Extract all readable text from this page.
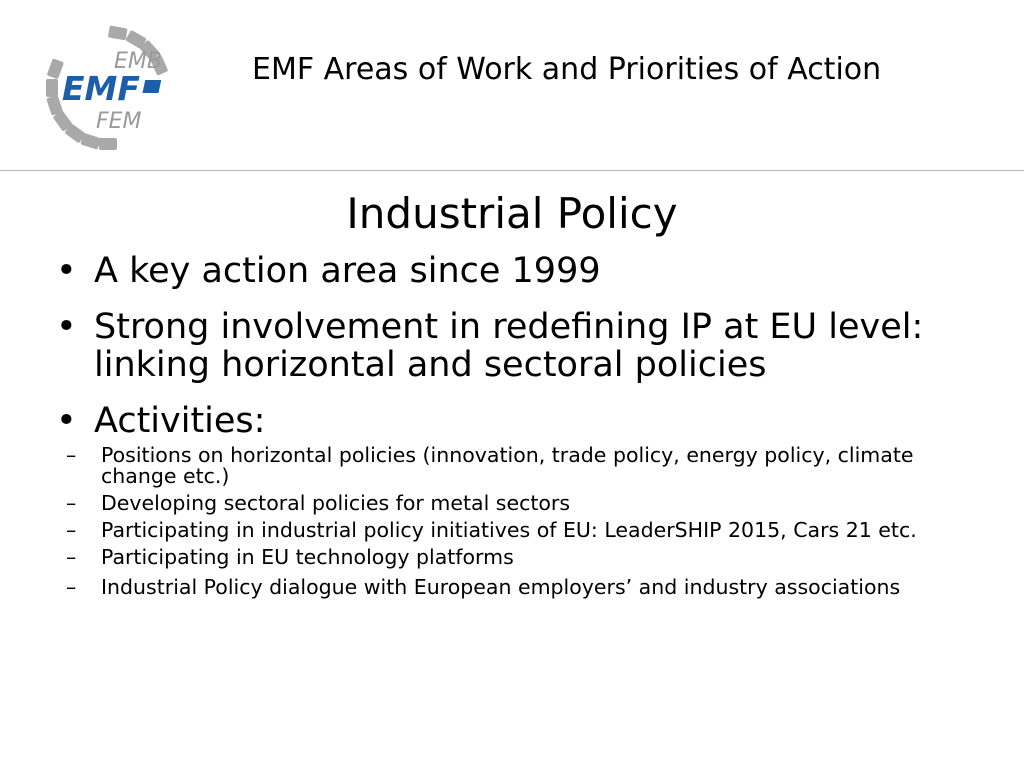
EMB
EMF
FEM
EMF Areas of Work and Priorities of Action
Industrial Policy
• A key action area since 1999
• Strong involvement in redefining IP at EU level: linking horizontal and sectoral policies
• Activities:
– Positions on horizontal policies (innovation, trade policy, energy policy, climate change etc.)
– Developing sectoral policies for metal sectors
– Participating in industrial policy initiatives of EU: LeaderSHIP 2015, Cars 21 etc.
– Participating in EU technology platforms
– Industrial Policy dialogue with European employers’ and industry associations
